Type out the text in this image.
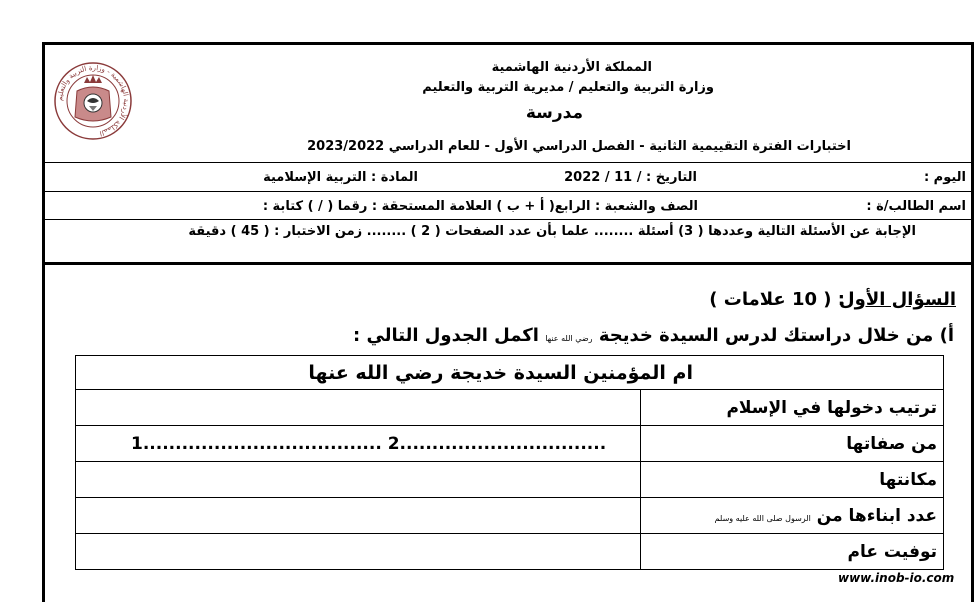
المملكة الأردنية الهاشمية - وزارة التربية والتعليم
المملكة الأردنية الهاشمية
وزارة التربية والتعليم / مديرية التربية والتعليم
مدرسة
اختبارات الفترة التقييمية الثانية - الفصل الدراسي الأول - للعام الدراسي 2023/2022
اليوم :
التاريخ : / 11 / 2022
المادة : التربية الإسلامية
اسم الطالب/ة :
الصف والشعبة : الرابع( أ + ب ) العلامة المستحقة : رقما ( / ) كتابة :
الإجابة عن الأسئلة التالية وعددها ( 3) أسئلة ........ علما بأن عدد الصفحات ( 2 ) ........ زمن الاختبار : ( 45 ) دقيقة
السؤال الأول
: ( 10 علامات )
أ) من خلال دراستك لدرس السيدة خديجة رضي الله عنها اكمل الجدول التالي :
ام المؤمنين السيدة خديجة رضي الله عنها	
ترتيب دخولها في الإسلام	
من صفاتها	1..................................... 2................................
مكانتها	
عدد ابناءها من الرسول صلى الله عليه وسلم	
توفيت عام	
www.inob-io.com
